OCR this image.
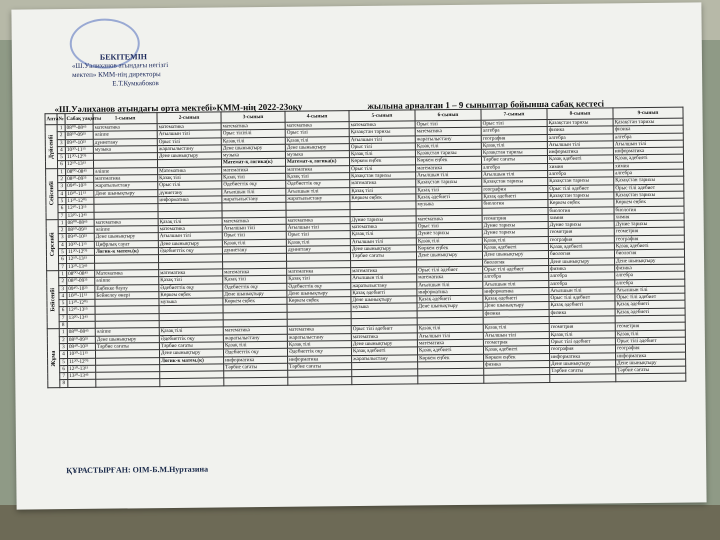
БЕКІТЕМІН
«Ш.Уалиханов атындағы негізгі
мектеп» КММ-нің директоры
Е.Т.Кумкабоков
«Ш.Уәлиханов атындағы орта мектебі»КММ-нің 2022-23оқу	жылына арналған 1 – 9 сыныптар бойынша сабақ кестесі
Апта	№	Сабақ уақыты	1-сынып	2-сынып	3-сынып	4-сынып	5-сынып	6-сынып	7-сынып	8-сынып	9-сынып
Дүйсенбі	1	08⁰⁰-08⁴⁵	математика	математика	математика	математика	математика	Орыс тілі	Орыс тілі	Қазақстан тарихы	Қазақстан тарихы
	2	08⁵⁰-09³⁵	әліппе	Ағылшын тілі	Орыс тілітілі	Орыс тілі	Қазақстан тарихы	математика	алгебра	физика	физика
	3	09⁴⁰-10²⁵	дүниетану	Орыс тілі	Қазақ тілі	Қазақ тілі	Ағылшын тілі	жаратылыстану	география	алгебра	алгебра
	4	10³⁰-11¹⁵	музыка	жаратылыстану	Дене шынықтыру	Дене шынықтыру	Орыс тілі	Қазақ тілі	Қазақ тілі	Ағылшын тілі	Ағылшын тілі
	5	11²⁰-12⁰⁵		Дене шынықтыру	музыка	музыка	Қазақ тілі	Қазақстан тарихы	Қазақстан тарихы	информатика	информатика
	6	12¹⁰-13¹⁵			Математ-қ логика(к)	Математ-қ логика(к)	Көркем еңбек	Көркем еңбек	Тәрбие сағаты	Қазақ әдебиеті	Қазақ әдебиеті
Сейсенбі	1	08⁰⁰-08⁴⁵	әліппе	Математика	математика	математика	Орыс тілі	математика	алгебра	химия	химия
	2	08⁵⁰-09³⁵	математика	Қазақ тілі	Қазақ тілі	Қазақ тілі	Қазақстан тарихы	Ағылшын тілі	Ағылшын тілі	алгебра	алгебра
	3	09⁴⁰-10²⁵	жаратылыстану	Орыс тілі	Әдебиеттік оқу	Әдебиеттік оқу	математика	Қазақстан тарихы	Қазақстан тарихы	Қазақстан тарихы	Қазақстан тарихы
	4	10³⁰-11¹⁵	Дене шынықтыру	дүниетану	Ағылшын тілі	Ағылшын тілі	Қазақ тілі	Қазақ тілі	география	Орыс тілі әдебиет	Орыс тілі әдебиет
	5	11²⁰-12⁰⁵		информатика	жаратылыстану	жаратылыстану	Көркем еңбек	Қазақ әдебиеті	Қазақ әдебиеті	Қазақстан тарихы	Қазақстан тарихы
	6	12¹⁰-13¹⁵						музыка	биология	Көркем еңбек	Көркем еңбек
	7	13²⁰-13⁴⁵								биология	биология
Сәрсенбі	1	08⁰⁰-08⁴⁵	математика	Қазақ тілі	математика	математика	Дүние тарихы	математика	геометрия	химия	химия
	2	08⁵⁰-09³⁵	әліппе	математика	Ағылшын тілі	Ағылшын тілі	математика	Орыс тілі	Дүние тарихы	Дүние тарихы	Дүние тарихы
	3	09⁴⁰-10²⁵	Дене шынықтыру	Ағылшын тілі	Орыс тілі	Орыс тілі	Қазақ тілі	Дүние тарихы	Дүние тарихы	геометрия	геометрия
	4	10³⁰-11¹⁵	Цифрлық сауат	Дене шынықтыру	Қазақ тілі	Қазақ тілі	Ағылшын тілі	Қазақ тілі	Қазақ тілі	география	география
	5	11²⁰-12⁰⁵	Логик-к матем.(к)	Әдебиеттік оқу	дүниетану	дүниетану	Дене шынықтыру	Көркем еңбек	Қазақ әдебиеті	Қазақ әдебиеті	Қазақ әдебиеті
	6	12¹⁰-13¹⁵					Тәрбие сағаты	Дене шынықтыру	Дене шынықтыру	биология	биология
	7	13²⁰-13⁴⁵							биология	Дене шынықтыру	Дене шынықтыру
Бейсенбі	1	08⁰⁰-08⁴⁵	Математика	математика	математика	математика	математика	Орыс тілі әдебиет	Орыс тілі әдебиет	физика	физика
	2	08⁵⁰-09³⁵	әліппе	Қазақ тілі	Қазақ тілі	Қазақ тілі	Ағылшын тілі	математика	алгебра	алгебра	алгебра
	3	09⁴⁰-10²⁵	Еңбекке баулу	Әдебиеттік оқу	Әдебиеттік оқу	Әдебиеттік оқу	жаратылыстану	Ағылшын тілі	Ағылшын тілі	алгебра	алгебра
	4	10³⁰-11¹⁵	Бейнелеу өнері	Көркем еңбек	Дене шынықтыру	Дене шынықтыру	Қазақ әдебиеті	информатика	информатика	Ағылшын тілі	Ағылшын тілі
	5	11²⁰-12⁰⁵		музыка	Көркем еңбек	Көркем еңбек	Дене шынықтыру	Қазақ әдебиеті	Қазақ әдебиеті	Орыс тілі әдебиет	Орыс тілі әдебиет
	6	12¹⁰-13¹⁵					музыка	Дене шынықтыру	Дене шынықтыру	Қазақ әдебиеті	Қазақ әдебиеті
	7	13²⁰-13⁴⁵							физика	физика	Қазақ әдебиеті
	8										
Жұма	1	08⁰⁰-08⁴⁵	әліппе	Қазақ тілі	математика	математика	Орыс тілі әдебиет	Қазақ тілі	Қазақ тілі	геометрия	геометрия
	2	08⁵⁰-09³⁵	Дене шынықтыру	Әдебиеттік оқу	жаратылыстану	жаратылыстану	математика	Ағылшын тілі	Ағылшын тілі	Қазақ тілі	Қазақ тілі
	3	09⁴⁰-10²⁵	Тәрбие сағаты	Тәрбие сағаты	Қазақ тілі	Қазақ тілі	Дене шынықтыру	математика	геометрия	Орыс тілі әдебиет	Орыс тілі әдебиет
	4	10³⁰-11¹⁵		Дене шынықтыру	Әдебиеттік оқу	Әдебиеттік оқу	Қазақ әдебиеті	Қазақ әдебиеті	Қазақ әдебиеті	география	география
	5	11²⁰-12⁰⁵		Логик-к матем.(к)	информатика	информатика	жаратылыстану	Көркем еңбек	Көркем еңбек	информатика	информатика
	6	12¹⁰-13¹⁵			Тәрбие сағаты	Тәрбие сағаты			физика	Дене шынықтыру	Дене шынықтыру
	7	13²⁰-13⁴⁵								Тәрбие сағаты	Тәрбие сағаты
	8										
ҚҰРАСТЫРҒАН: ОІМ-Б.М.Нуртазина
